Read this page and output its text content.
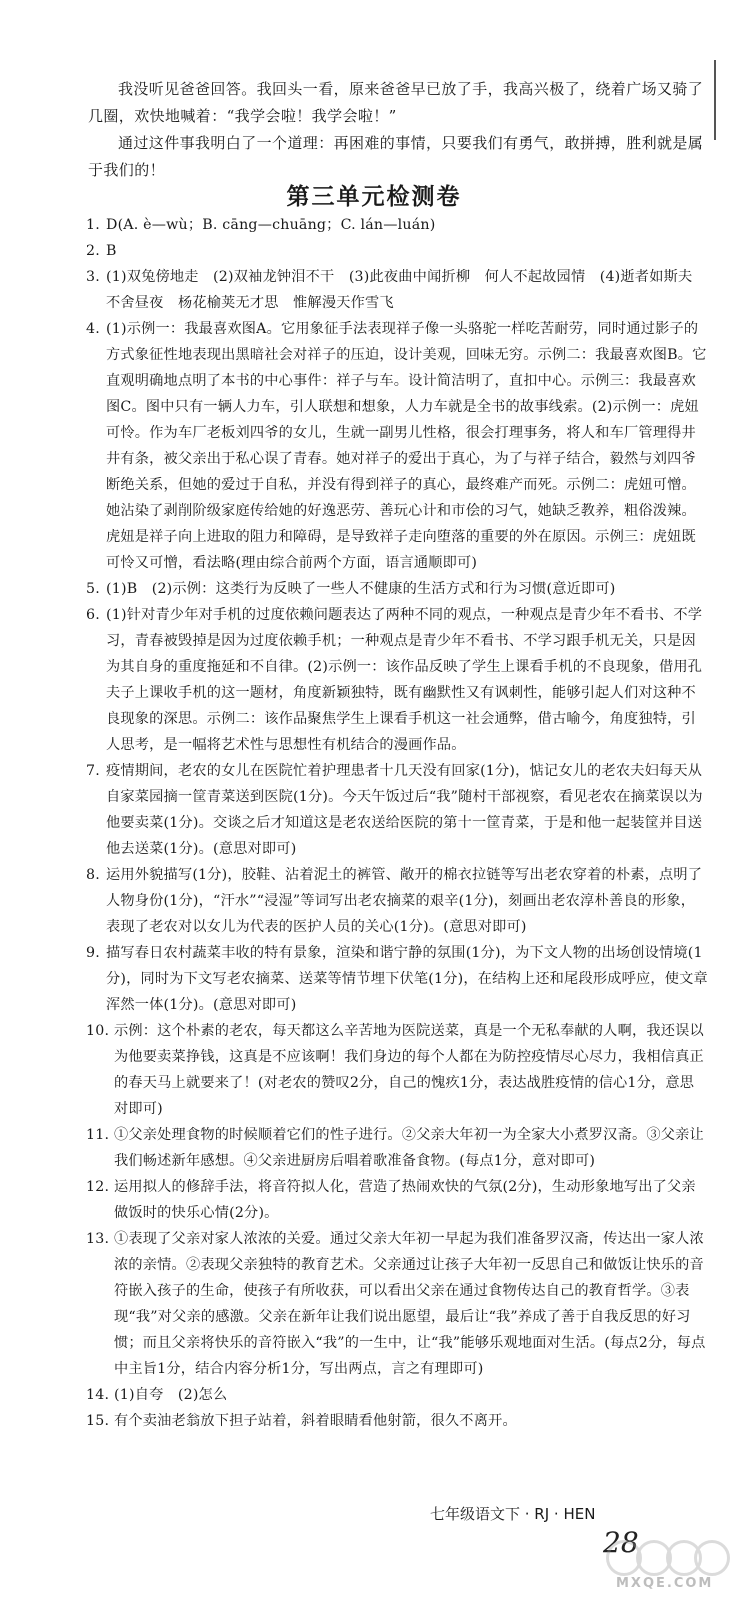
我没听见爸爸回答。我回头一看，原来爸爸早已放了手，我高兴极了，绕着广场又骑了几圈，欢快地喊着：“我学会啦！我学会啦！”

通过这件事我明白了一个道理：再困难的事情，只要我们有勇气，敢拼搏，胜利就是属于我们的！

第三单元检测卷
1. D(A. è—wù；B. cāng—chuāng；C. lán—luán)
2. B
3. (1)双兔傍地走　(2)双袖龙钟泪不干　(3)此夜曲中闻折柳　何人不起故园情　(4)逝者如斯夫　不舍昼夜　杨花榆荚无才思　惟解漫天作雪飞
4. (1)示例一：我最喜欢图A。它用象征手法表现祥子像一头骆驼一样吃苦耐劳，同时通过影子的方式象征性地表现出黑暗社会对祥子的压迫，设计美观，回味无穷。示例二：我最喜欢图B。它直观明确地点明了本书的中心事件：祥子与车。设计简洁明了，直扣中心。示例三：我最喜欢图C。图中只有一辆人力车，引人联想和想象，人力车就是全书的故事线索。(2)示例一：虎妞可怜。作为车厂老板刘四爷的女儿，生就一副男儿性格，很会打理事务，将人和车厂管理得井井有条，被父亲出于私心误了青春。她对祥子的爱出于真心，为了与祥子结合，毅然与刘四爷断绝关系，但她的爱过于自私，并没有得到祥子的真心，最终难产而死。示例二：虎妞可憎。她沾染了剥削阶级家庭传给她的好逸恶劳、善玩心计和市侩的习气，她缺乏教养，粗俗泼辣。虎妞是祥子向上进取的阻力和障碍，是导致祥子走向堕落的重要的外在原因。示例三：虎妞既可怜又可憎，看法略(理由综合前两个方面，语言通顺即可)
5. (1)B　(2)示例：这类行为反映了一些人不健康的生活方式和行为习惯(意近即可)
6. (1)针对青少年对手机的过度依赖问题表达了两种不同的观点，一种观点是青少年不看书、不学习，青春被毁掉是因为过度依赖手机；一种观点是青少年不看书、不学习跟手机无关，只是因为其自身的重度拖延和不自律。(2)示例一：该作品反映了学生上课看手机的不良现象，借用孔夫子上课收手机的这一题材，角度新颖独特，既有幽默性又有讽刺性，能够引起人们对这种不良现象的深思。示例二：该作品聚焦学生上课看手机这一社会通弊，借古喻今，角度独特，引人思考，是一幅将艺术性与思想性有机结合的漫画作品。
7. 疫情期间，老农的女儿在医院忙着护理患者十几天没有回家(1分)，惦记女儿的老农夫妇每天从自家菜园摘一筐青菜送到医院(1分)。今天午饭过后“我”随村干部视察，看见老农在摘菜误以为他要卖菜(1分)。交谈之后才知道这是老农送给医院的第十一筐青菜，于是和他一起装筐并目送他去送菜(1分)。(意思对即可)
8. 运用外貌描写(1分)，胶鞋、沾着泥土的裤管、敞开的棉衣拉链等写出老农穿着的朴素，点明了人物身份(1分)，“汗水”“浸湿”等词写出老农摘菜的艰辛(1分)，刻画出老农淳朴善良的形象，表现了老农对以女儿为代表的医护人员的关心(1分)。(意思对即可)
9. 描写春日农村蔬菜丰收的特有景象，渲染和谐宁静的氛围(1分)，为下文人物的出场创设情境(1分)，同时为下文写老农摘菜、送菜等情节埋下伏笔(1分)，在结构上还和尾段形成呼应，使文章浑然一体(1分)。(意思对即可)
10. 示例：这个朴素的老农，每天都这么辛苦地为医院送菜，真是一个无私奉献的人啊，我还误以为他要卖菜挣钱，这真是不应该啊！我们身边的每个人都在为防控疫情尽心尽力，我相信真正的春天马上就要来了！(对老农的赞叹2分，自己的愧疚1分，表达战胜疫情的信心1分，意思对即可)
11. ①父亲处理食物的时候顺着它们的性子进行。②父亲大年初一为全家大小煮罗汉斋。③父亲让我们畅述新年感想。④父亲进厨房后唱着歌准备食物。(每点1分，意对即可)
12. 运用拟人的修辞手法，将音符拟人化，营造了热闹欢快的气氛(2分)，生动形象地写出了父亲做饭时的快乐心情(2分)。
13. ①表现了父亲对家人浓浓的关爱。通过父亲大年初一早起为我们准备罗汉斋，传达出一家人浓浓的亲情。②表现父亲独特的教育艺术。父亲通过让孩子大年初一反思自己和做饭让快乐的音符嵌入孩子的生命，使孩子有所收获，可以看出父亲在通过食物传达自己的教育哲学。③表现“我”对父亲的感激。父亲在新年让我们说出愿望，最后让“我”养成了善于自我反思的好习惯；而且父亲将快乐的音符嵌入“我”的一生中，让“我”能够乐观地面对生活。(每点2分，每点中主旨1分，结合内容分析1分，写出两点，言之有理即可)
14. (1)自夸　(2)怎么
15. 有个卖油老翁放下担子站着，斜着眼睛看他射箭，很久不离开。
七年级语文下 · RJ · HEN
28
MXQE.COM
